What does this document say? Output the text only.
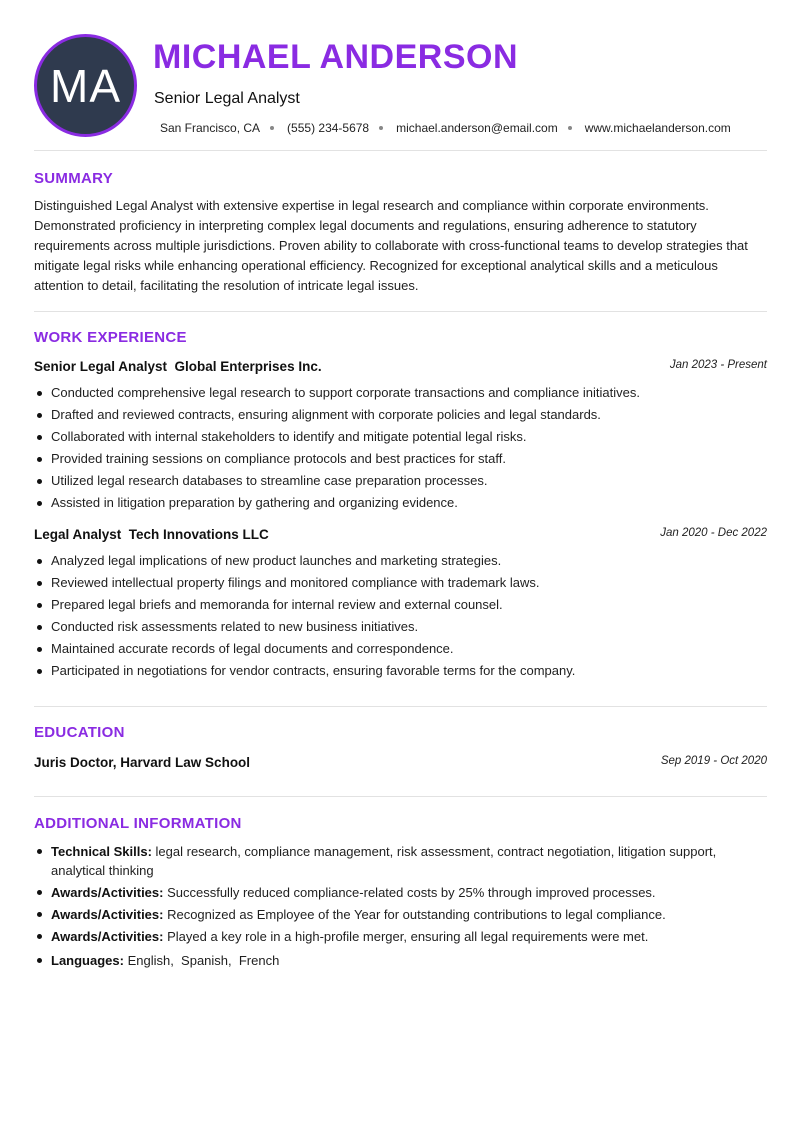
MA
MICHAEL ANDERSON
Senior Legal Analyst
San Francisco, CA (555) 234-5678 michael.anderson@email.com www.michaelanderson.com
SUMMARY

Distinguished Legal Analyst with extensive expertise in legal research and compliance within corporate environments. Demonstrated proficiency in interpreting complex legal documents and regulations, ensuring adherence to statutory requirements across multiple jurisdictions. Proven ability to collaborate with cross-functional teams to develop strategies that mitigate legal risks while enhancing operational efficiency. Recognized for exceptional analytical skills and a meticulous attention to detail, facilitating the resolution of intricate legal issues.

WORK EXPERIENCE
Senior Legal Analyst  Global Enterprises Inc.	Jan 2023 - Present
Conducted comprehensive legal research to support corporate transactions and compliance initiatives.
Drafted and reviewed contracts, ensuring alignment with corporate policies and legal standards.
Collaborated with internal stakeholders to identify and mitigate potential legal risks.
Provided training sessions on compliance protocols and best practices for staff.
Utilized legal research databases to streamline case preparation processes.
Assisted in litigation preparation by gathering and organizing evidence.
Legal Analyst  Tech Innovations LLC	Jan 2020 - Dec 2022
Analyzed legal implications of new product launches and marketing strategies.
Reviewed intellectual property filings and monitored compliance with trademark laws.
Prepared legal briefs and memoranda for internal review and external counsel.
Conducted risk assessments related to new business initiatives.
Maintained accurate records of legal documents and correspondence.
Participated in negotiations for vendor contracts, ensuring favorable terms for the company.
EDUCATION
Juris Doctor, Harvard Law School	Sep 2019 - Oct 2020
ADDITIONAL INFORMATION
Technical Skills: legal research, compliance management, risk assessment, contract negotiation, litigation support, analytical thinking
Awards/Activities: Successfully reduced compliance-related costs by 25% through improved processes.
Awards/Activities: Recognized as Employee of the Year for outstanding contributions to legal compliance.
Awards/Activities: Played a key role in a high-profile merger, ensuring all legal requirements were met.
Languages: English,  Spanish,  French
